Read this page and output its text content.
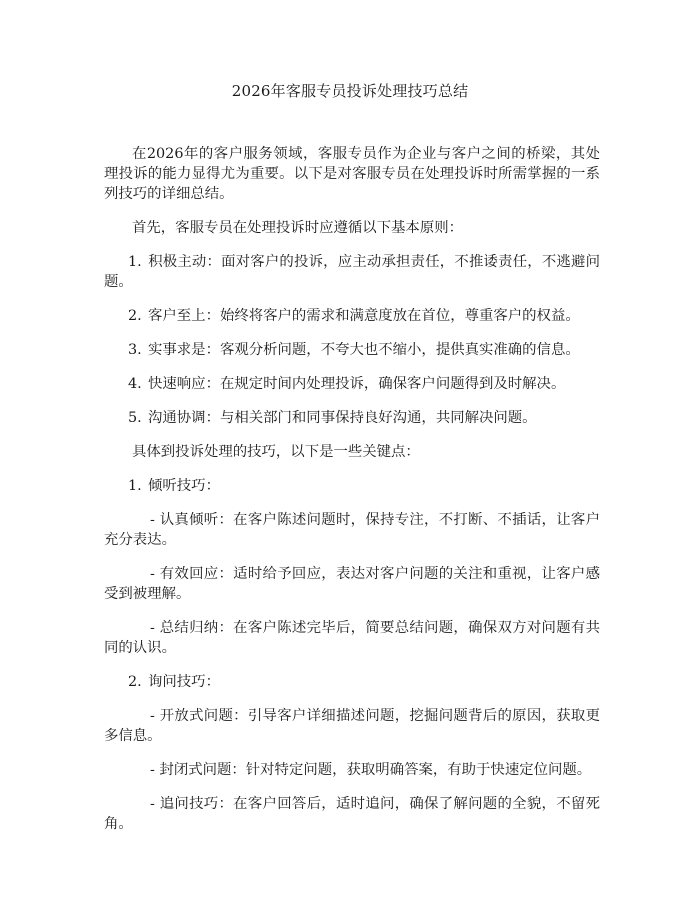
2026年客服专员投诉处理技巧总结

在2026年的客户服务领域，客服专员作为企业与客户之间的桥梁，其处理投诉的能力显得尤为重要。以下是对客服专员在处理投诉时所需掌握的一系列技巧的详细总结。

首先，客服专员在处理投诉时应遵循以下基本原则：

1. 积极主动：面对客户的投诉，应主动承担责任，不推诿责任，不逃避问题。

2. 客户至上：始终将客户的需求和满意度放在首位，尊重客户的权益。

3. 实事求是：客观分析问题，不夸大也不缩小，提供真实准确的信息。

4. 快速响应：在规定时间内处理投诉，确保客户问题得到及时解决。

5. 沟通协调：与相关部门和同事保持良好沟通，共同解决问题。

具体到投诉处理的技巧，以下是一些关键点：

1. 倾听技巧：

- 认真倾听：在客户陈述问题时，保持专注，不打断、不插话，让客户充分表达。

- 有效回应：适时给予回应，表达对客户问题的关注和重视，让客户感受到被理解。

- 总结归纳：在客户陈述完毕后，简要总结问题，确保双方对问题有共同的认识。

2. 询问技巧：

- 开放式问题：引导客户详细描述问题，挖掘问题背后的原因，获取更多信息。

- 封闭式问题：针对特定问题，获取明确答案，有助于快速定位问题。

- 追问技巧：在客户回答后，适时追问，确保了解问题的全貌，不留死角。
